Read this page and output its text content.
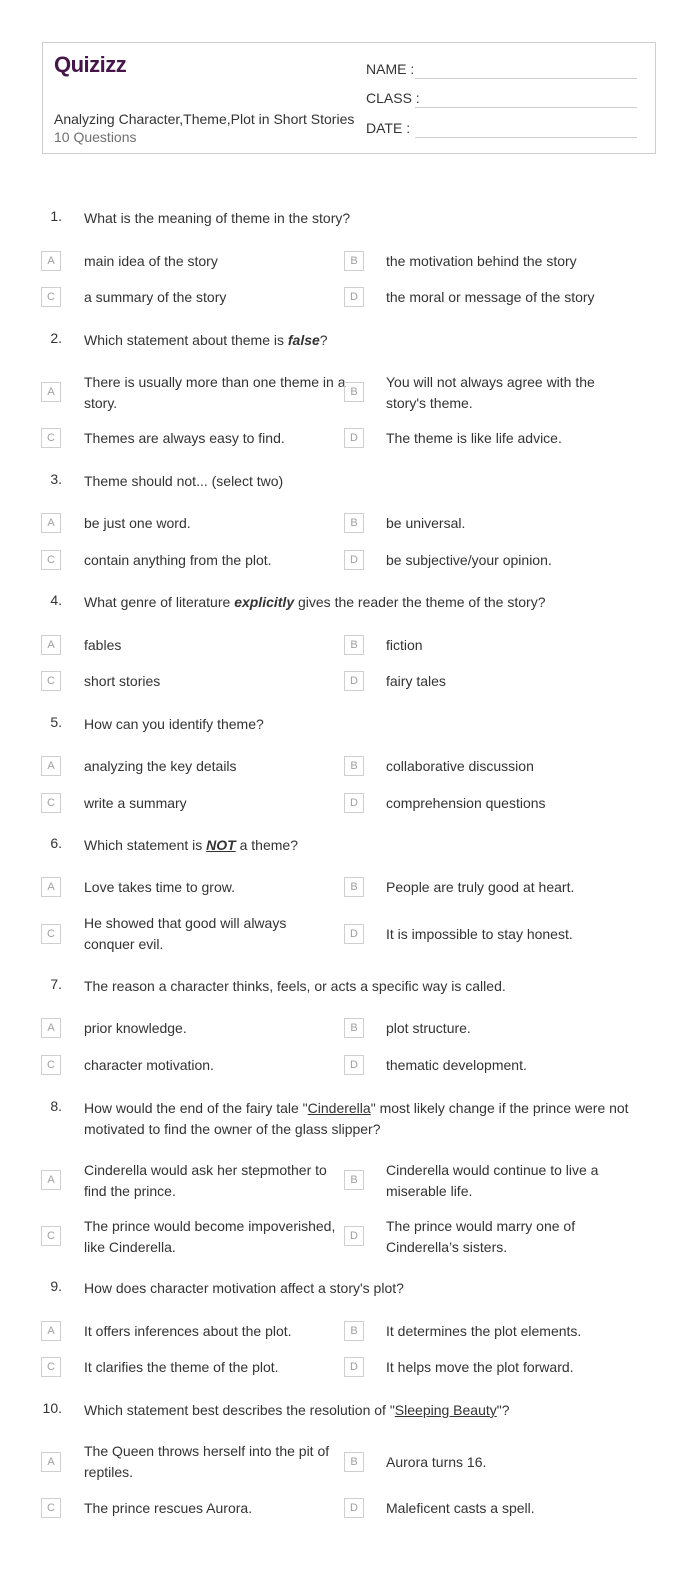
Quizizz
Analyzing Character,Theme,Plot in Short Stories
10 Questions
NAME :
CLASS :
DATE :
1. What is the meaning of theme in the story?
A	main idea of the story	B	the motivation behind the story
C	a summary of the story	D	the moral or message of the story
2. Which statement about theme is false?
A
There is usually more than one theme in a story.
B
You will not always agree with the story's theme.
C	Themes are always easy to find.	D	The theme is like life advice.
3. Theme should not... (select two)
A	be just one word.	B	be universal.
C	contain anything from the plot.	D	be subjective/your opinion.
4. What genre of literature explicitly gives the reader the theme of the story?
A	fables	B	fiction
C	short stories	D	fairy tales
5. How can you identify theme?
A	analyzing the key details	B	collaborative discussion
C	write a summary	D	comprehension questions
6. Which statement is NOT a theme?
A	Love takes time to grow.	B	People are truly good at heart.
C
He showed that good will always conquer evil.
D	It is impossible to stay honest.
7. The reason a character thinks, feels, or acts a specific way is called.
A	prior knowledge.	B	plot structure.
C	character motivation.	D	thematic development.
8. How would the end of the fairy tale "Cinderella" most likely change if the prince were not motivated to find the owner of the glass slipper?
A
Cinderella would ask her stepmother to find the prince.
B
Cinderella would continue to live a miserable life.
C
The prince would become impoverished, like Cinderella.
D
The prince would marry one of Cinderella’s sisters.
9. How does character motivation affect a story's plot?
A	It offers inferences about the plot.	B	It determines the plot elements.
C	It clarifies the theme of the plot.	D	It helps move the plot forward.
10. Which statement best describes the resolution of "Sleeping Beauty"?
A
The Queen throws herself into the pit of reptiles.
B	Aurora turns 16.
C	The prince rescues Aurora.	D	Maleficent casts a spell.
